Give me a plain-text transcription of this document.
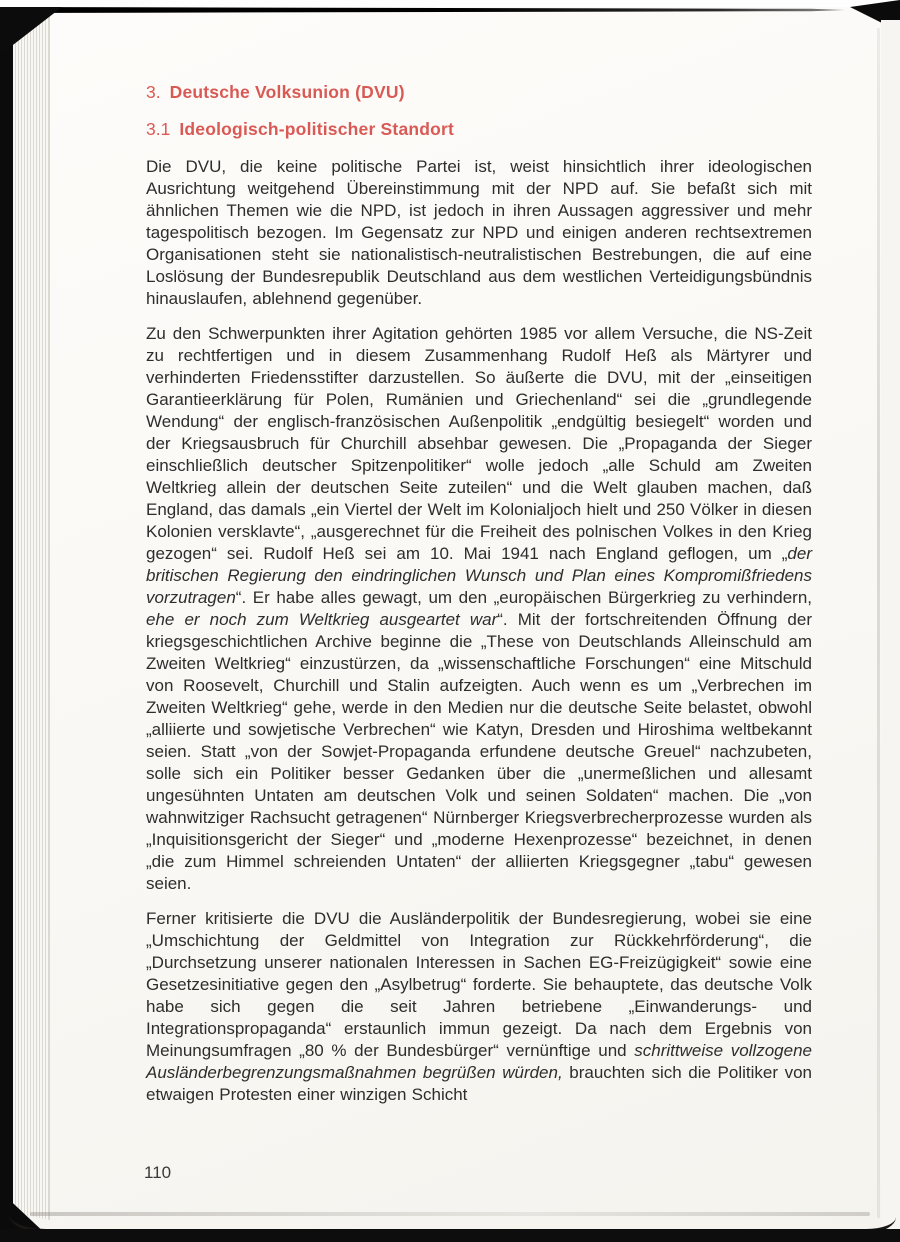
3. Deutsche Volksunion (DVU)
3.1 Ideologisch-politischer Standort

Die DVU, die keine politische Partei ist, weist hinsichtlich ihrer ideologischen Ausrichtung weitgehend Übereinstimmung mit der NPD auf. Sie befaßt sich mit ähnlichen Themen wie die NPD, ist jedoch in ihren Aussagen aggressiver und mehr tagespolitisch bezogen. Im Gegensatz zur NPD und einigen anderen rechtsextremen Organisationen steht sie nationalistisch-neutralistischen Bestrebungen, die auf eine Loslösung der Bundesrepublik Deutschland aus dem westlichen Verteidigungsbündnis hinauslaufen, ablehnend gegenüber.

Zu den Schwerpunkten ihrer Agitation gehörten 1985 vor allem Versuche, die NS-Zeit zu rechtfertigen und in diesem Zusammenhang Rudolf Heß als Märtyrer und verhinderten Friedensstifter darzustellen. So äußerte die DVU, mit der „einseitigen Garantieerklärung für Polen, Rumänien und Griechenland“ sei die „grundlegende Wendung“ der englisch-französischen Außenpolitik „endgültig besiegelt“ worden und der Kriegsausbruch für Churchill absehbar gewesen. Die „Propaganda der Sieger einschließlich deutscher Spitzenpolitiker“ wolle jedoch „alle Schuld am Zweiten Weltkrieg allein der deutschen Seite zuteilen“ und die Welt glauben machen, daß England, das damals „ein Viertel der Welt im Kolonialjoch hielt und 250 Völker in diesen Kolonien versklavte“, „ausgerechnet für die Freiheit des polnischen Volkes in den Krieg gezogen“ sei. Rudolf Heß sei am 10. Mai 1941 nach England geflogen, um „der britischen Regierung den eindringlichen Wunsch und Plan eines Kompromißfriedens vorzutragen“. Er habe alles gewagt, um den „europäischen Bürgerkrieg zu verhindern, ehe er noch zum Weltkrieg ausgeartet war“. Mit der fortschreitenden Öffnung der kriegsgeschichtlichen Archive beginne die „These von Deutschlands Alleinschuld am Zweiten Weltkrieg“ einzustürzen, da „wissenschaftliche Forschungen“ eine Mitschuld von Roosevelt, Churchill und Stalin aufzeigten. Auch wenn es um „Verbrechen im Zweiten Weltkrieg“ gehe, werde in den Medien nur die deutsche Seite belastet, obwohl „alliierte und sowjetische Verbrechen“ wie Katyn, Dresden und Hiroshima weltbekannt seien. Statt „von der Sowjet-Propaganda erfundene deutsche Greuel“ nachzubeten, solle sich ein Politiker besser Gedanken über die „unermeßlichen und allesamt ungesühnten Untaten am deutschen Volk und seinen Soldaten“ machen. Die „von wahnwitziger Rachsucht getragenen“ Nürnberger Kriegsverbrecherprozesse wurden als „Inquisitionsgericht der Sieger“ und „moderne Hexenprozesse“ bezeichnet, in denen „die zum Himmel schreienden Untaten“ der alliierten Kriegsgegner „tabu“ gewesen seien.

Ferner kritisierte die DVU die Ausländerpolitik der Bundesregierung, wobei sie eine „Umschichtung der Geldmittel von Integration zur Rückkehrförderung“, die „Durchsetzung unserer nationalen Interessen in Sachen EG-Freizügigkeit“ sowie eine Gesetzesinitiative gegen den „Asylbetrug“ forderte. Sie behauptete, das deutsche Volk habe sich gegen die seit Jahren betriebene „Einwanderungs- und Integrationspropaganda“ erstaunlich immun gezeigt. Da nach dem Ergebnis von Meinungsumfragen „80 % der Bundesbürger“ vernünftige und schrittweise vollzogene Ausländerbegrenzungsmaßnahmen begrüßen würden, brauchten sich die Politiker von etwaigen Protesten einer winzigen Schicht

110
